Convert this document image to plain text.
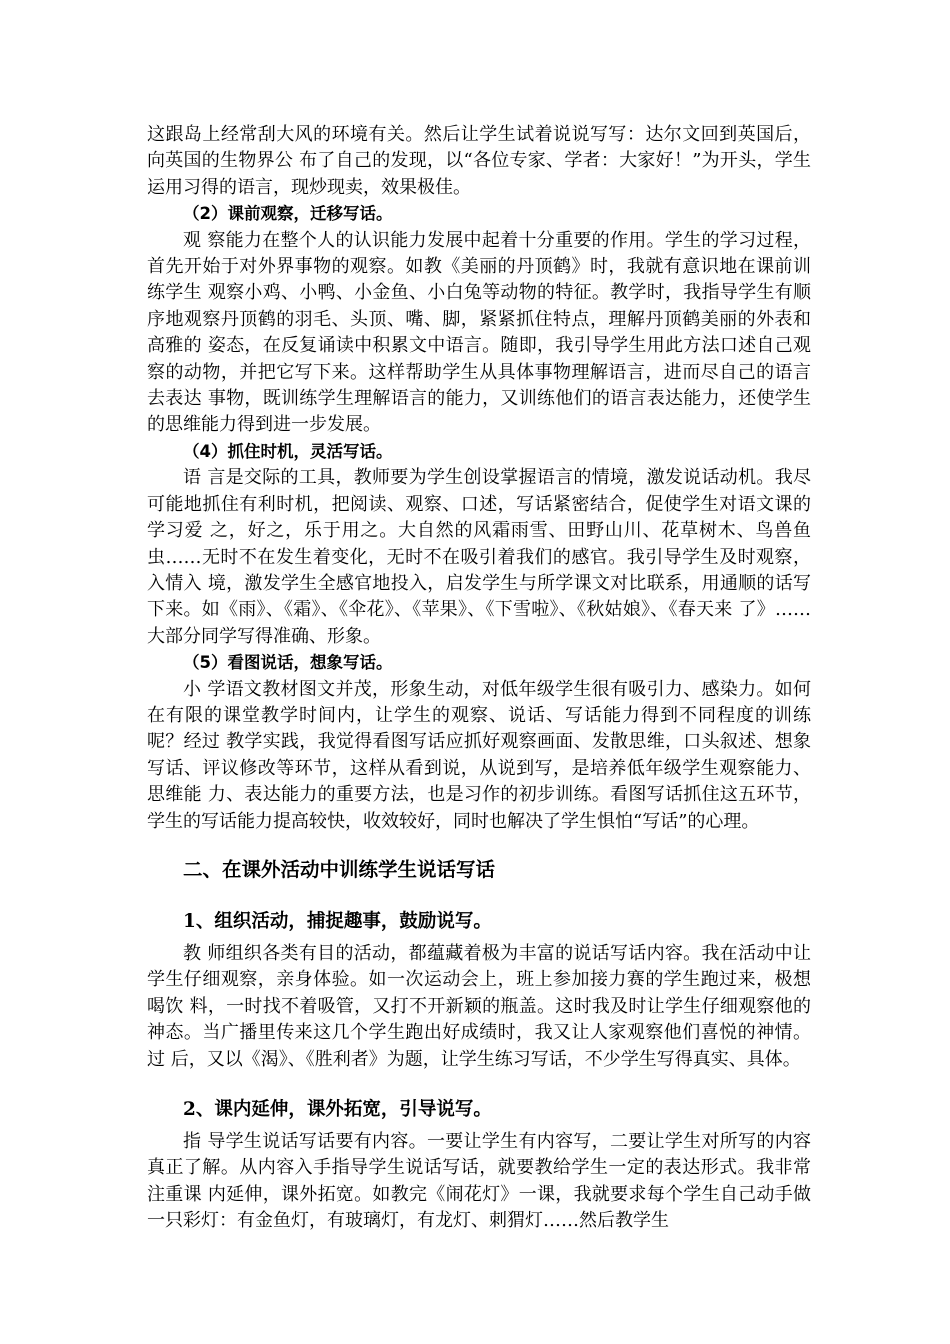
这跟岛上经常刮大风的环境有关。然后让学生试着说说写写：达尔文回到英国后，向英国的生物界公 布了自己的发现，以“各位专家、学者：大家好！”为开头，学生运用习得的语言，现炒现卖，效果极佳。

（2）课前观察，迁移写话。

观 察能力在整个人的认识能力发展中起着十分重要的作用。学生的学习过程，首先开始于对外界事物的观察。如教《美丽的丹顶鹤》时，我就有意识地在课前训练学生 观察小鸡、小鸭、小金鱼、小白兔等动物的特征。教学时，我指导学生有顺序地观察丹顶鹤的羽毛、头顶、嘴、脚，紧紧抓住特点，理解丹顶鹤美丽的外表和高雅的 姿态，在反复诵读中积累文中语言。随即，我引导学生用此方法口述自己观察的动物，并把它写下来。这样帮助学生从具体事物理解语言，进而尽自己的语言去表达 事物，既训练学生理解语言的能力，又训练他们的语言表达能力，还使学生的思维能力得到进一步发展。

（4）抓住时机，灵活写话。

语 言是交际的工具，教师要为学生创设掌握语言的情境，激发说话动机。我尽可能地抓住有利时机，把阅读、观察、口述，写话紧密结合，促使学生对语文课的学习爱 之，好之，乐于用之。大自然的风霜雨雪、田野山川、花草树木、鸟兽鱼虫……无时不在发生着变化，无时不在吸引着我们的感官。我引导学生及时观察，入情入 境，激发学生全感官地投入，启发学生与所学课文对比联系，用通顺的话写下来。如《雨》、《霜》、《伞花》、《苹果》、《下雪啦》、《秋姑娘》、《春天来 了》……大部分同学写得准确、形象。

（5）看图说话，想象写话。

小 学语文教材图文并茂，形象生动，对低年级学生很有吸引力、感染力。如何在有限的课堂教学时间内，让学生的观察、说话、写话能力得到不同程度的训练呢？经过 教学实践，我觉得看图写话应抓好观察画面、发散思维，口头叙述、想象写话、评议修改等环节，这样从看到说，从说到写，是培养低年级学生观察能力、思维能 力、表达能力的重要方法，也是习作的初步训练。看图写话抓住这五环节，学生的写话能力提高较快，收效较好，同时也解决了学生惧怕“写话”的心理。

二、在课外活动中训练学生说话写话
1、组织活动，捕捉趣事，鼓励说写。

教 师组织各类有目的活动，都蕴藏着极为丰富的说话写话内容。我在活动中让学生仔细观察，亲身体验。如一次运动会上，班上参加接力赛的学生跑过来，极想喝饮 料，一时找不着吸管，又打不开新颖的瓶盖。这时我及时让学生仔细观察他的神态。当广播里传来这几个学生跑出好成绩时，我又让人家观察他们喜悦的神情。过 后，又以《渴》、《胜利者》为题，让学生练习写话，不少学生写得真实、具体。

2、课内延伸，课外拓宽，引导说写。

指 导学生说话写话要有内容。一要让学生有内容写，二要让学生对所写的内容真正了解。从内容入手指导学生说话写话，就要教给学生一定的表达形式。我非常注重课 内延伸，课外拓宽。如教完《闹花灯》一课，我就要求每个学生自己动手做一只彩灯：有金鱼灯，有玻璃灯，有龙灯、刺猬灯……然后教学生
